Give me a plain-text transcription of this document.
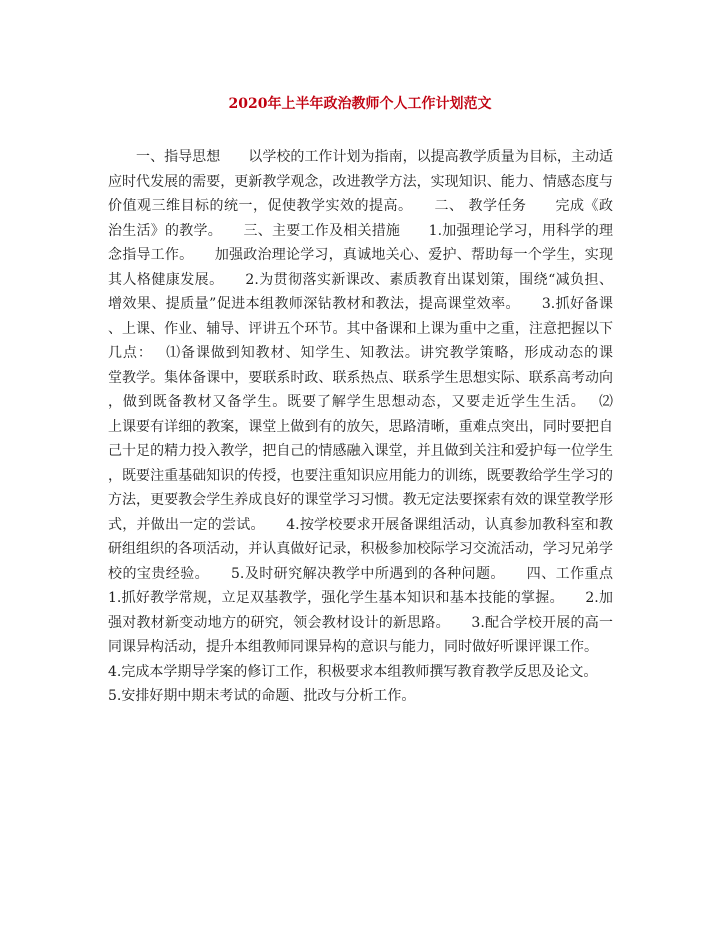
2020年上半年政治教师个人工作计划范文
　　一、指导思想　　以学校的工作计划为指南，以提高教学质量为目标，主动适
应时代发展的需要，更新教学观念，改进教学方法，实现知识、能力、情感态度与
价值观三维目标的统一，促使教学实效的提高。　　二、 教学任务　　完成《政
治生活》的教学。　　三、主要工作及相关措施　　1.加强理论学习，用科学的理
念指导工作。　　加强政治理论学习，真诚地关心、爱护、帮助每一个学生，实现
其人格健康发展。　　2.为贯彻落实新课改、素质教育出谋划策，围绕“减负担、
增效果、提质量”促进本组教师深钻教材和教法，提高课堂效率。　　3.抓好备课
、上课、作业、辅导、评讲五个环节。其中备课和上课为重中之重，注意把握以下
几点：　 ⑴备课做到知教材、知学生、知教法。讲究教学策略，形成动态的课
堂教学。集体备课中，要联系时政、联系热点、联系学生思想实际、联系高考动向
，做到既备教材又备学生。既要了解学生思想动态，又要走近学生生活。　 ⑵
上课要有详细的教案，课堂上做到有的放矢，思路清晰，重难点突出，同时要把自
己十足的精力投入教学，把自己的情感融入课堂，并且做到关注和爱护每一位学生
，既要注重基础知识的传授，也要注重知识应用能力的训练，既要教给学生学习的
方法，更要教会学生养成良好的课堂学习习惯。教无定法要探索有效的课堂教学形
式，并做出一定的尝试。　　4.按学校要求开展备课组活动，认真参加教科室和教
研组组织的各项活动，并认真做好记录，积极参加校际学习交流活动，学习兄弟学
校的宝贵经验。　　5.及时研究解决教学中所遇到的各种问题。　　四、工作重点
1.抓好教学常规，立足双基教学，强化学生基本知识和基本技能的掌握。　　2.加
强对教材新变动地方的研究，领会教材设计的新思路。　　3.配合学校开展的高一
同课异构活动，提升本组教师同课异构的意识与能力，同时做好听课评课工作。
4.完成本学期导学案的修订工作，积极要求本组教师撰写教育教学反思及论文。
5.安排好期中期末考试的命题、批改与分析工作。
